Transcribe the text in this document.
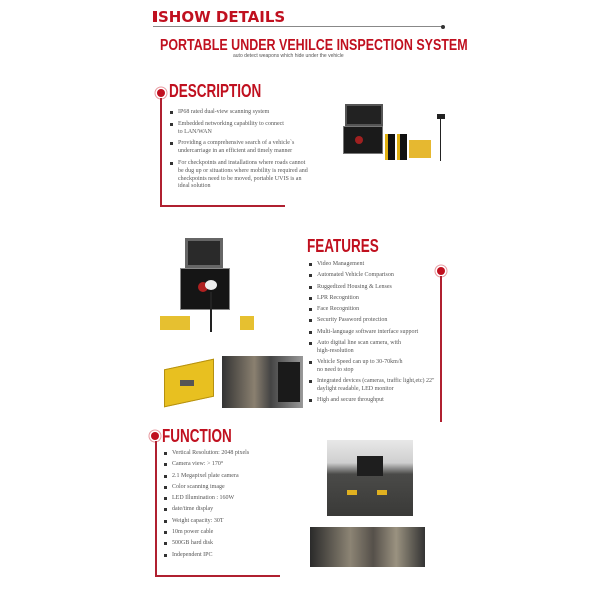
SHOW DETAILS
PORTABLE UNDER VEHILCE INSPECTION SYSTEM
auto detect weapons which hide under the vehicle
DESCRIPTION
IP68 rated dual-view scanning system
Embedded networking capability to connect to LAN/WAN
Providing a comprehensive search of a vehicle`s undercarriage in an efficient and timely manner
For checkpoints and installations where roads cannot be dug up or situations where mobility is required and checkpoints need to be moved, portable UVIS is an ideal solution
FEATURES
Video Management
Automated Vehicle Comparison
Ruggedized Housing & Lenses
LPR Recognition
Face Recognition
Security Password protection
Multi-language software interface support
Auto digital line scan camera, with high-resolution
Vehicle Speed can up to 30-70km/h no need to stop
Integrated devices (cameras, traffic light,etc) 22" daylight readable, LED monitor
High and secure throughput
FUNCTION
Vertical Resolution: 2048 pixels
Camera view: > 170°
2.1 Megapixel plate camera
Color scanning image
LED Illumination : 160W
date/time display
Weight capacity: 30T
10m power cable
500GB hard disk
Independent IPC
